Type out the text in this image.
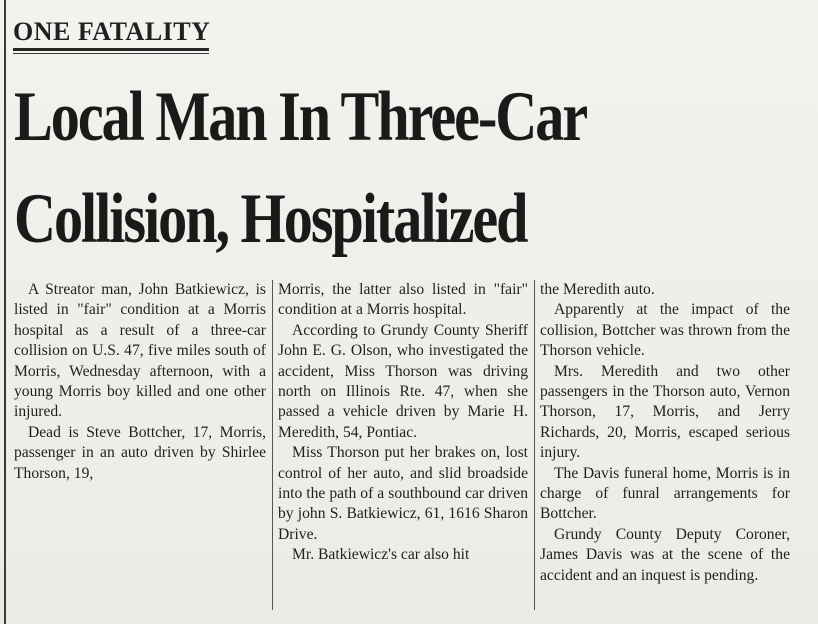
ONE FATALITY
Local Man In Three-Car
Collision, Hospitalized

A Streator man, John Batkiewicz, is listed in "fair" condition at a Morris hospital as a result of a three-car collision on U.S. 47, five miles south of Morris, Wednesday afternoon, with a young Morris boy killed and one other injured.

Dead is Steve Bottcher, 17, Morris, passenger in an auto driven by Shirlee Thorson, 19,

Morris, the latter also listed in "fair" condition at a Morris hospital.

According to Grundy County Sheriff John E. G. Olson, who investigated the accident, Miss Thorson was driving north on Illinois Rte. 47, when she passed a vehicle driven by Marie H. Meredith, 54, Pontiac.

Miss Thorson put her brakes on, lost control of her auto, and slid broadside into the path of a southbound car driven by john S. Batkiewicz, 61, 1616 Sharon Drive.

Mr. Batkiewicz's car also hit

the Meredith auto.

Apparently at the impact of the collision, Bottcher was thrown from the Thorson vehicle.

Mrs. Meredith and two other passengers in the Thorson auto, Vernon Thorson, 17, Morris, and Jerry Richards, 20, Morris, escaped serious injury.

The Davis funeral home, Morris is in charge of funral arrangements for Bottcher.

Grundy County Deputy Coroner, James Davis was at the scene of the accident and an inquest is pending.
